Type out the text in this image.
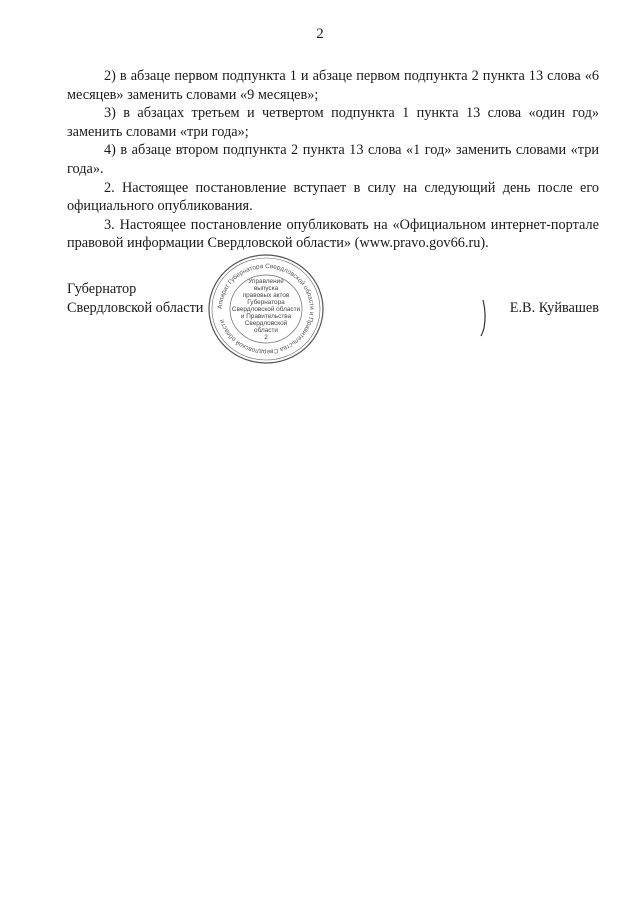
2

2) в абзаце первом подпункта 1 и абзаце первом подпункта 2 пункта 13 слова «6 месяцев» заменить словами «9 месяцев»;

3) в абзацах третьем и четвертом подпункта 1 пункта 13 слова «один год» заменить словами «три года»;

4) в абзаце втором подпункта 2 пункта 13 слова «1 год» заменить словами «три года».

2. Настоящее постановление вступает в силу на следующий день после его официального опубликования.

3. Настоящее постановление опубликовать на «Официальном интернет-портале правовой информации Свердловской области» (www.pravo.gov66.ru).

Губернатор
Свердловской области Аппарат Губернатора Свердловской области и Правительства Свердловской области
Управление
выпуска
правовых актов
Губернатора
Свердловской области
и Правительства
Свердловской
области
2
Е.В. Куйвашев
